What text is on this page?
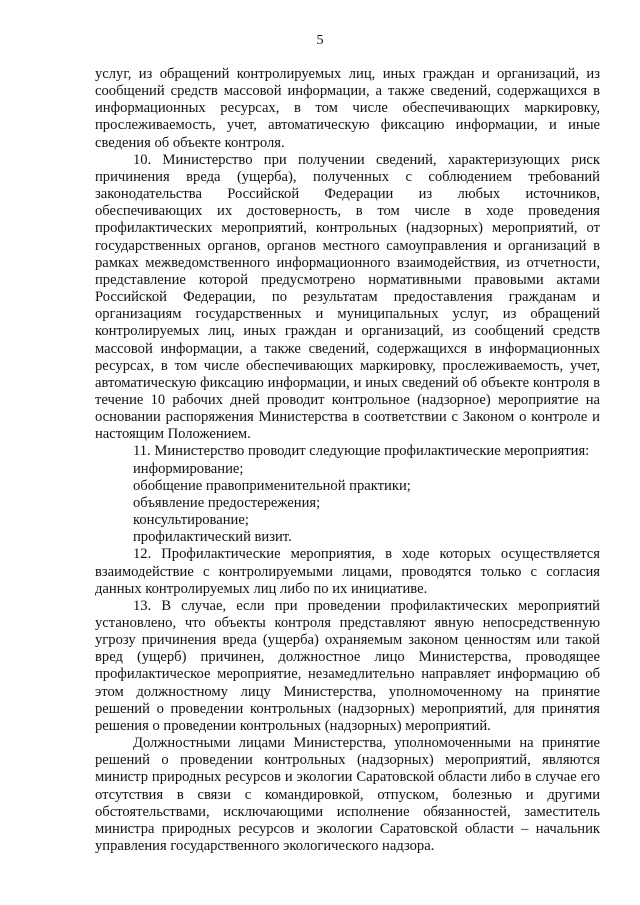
5

услуг, из обращений контролируемых лиц, иных граждан и организаций, из сообщений средств массовой информации, а также сведений, содержащихся в информационных ресурсах, в том числе обеспечивающих маркировку, прослеживаемость, учет, автоматическую фиксацию информации, и иные сведения об объекте контроля.

10. Министерство при получении сведений, характеризующих риск причинения вреда (ущерба), полученных с соблюдением требований законодательства Российской Федерации из любых источников, обеспечивающих их достоверность, в том числе в ходе проведения профилактических мероприятий, контрольных (надзорных) мероприятий, от государственных органов, органов местного самоуправления и организаций в рамках межведомственного информационного взаимодействия, из отчетности, представление которой предусмотрено нормативными правовыми актами Российской Федерации, по результатам предоставления гражданам и организациям государственных и муниципальных услуг, из обращений контролируемых лиц, иных граждан и организаций, из сообщений средств массовой информации, а также сведений, содержащихся в информационных ресурсах, в том числе обеспечивающих маркировку, прослеживаемость, учет, автоматическую фиксацию информации, и иных сведений об объекте контроля в течение 10 рабочих дней проводит контрольное (надзорное) мероприятие на основании распоряжения Министерства в соответствии с Законом о контроле и настоящим Положением.

11. Министерство проводит следующие профилактические мероприятия:

информирование;

обобщение правоприменительной практики;

объявление предостережения;

консультирование;

профилактический визит.

12. Профилактические мероприятия, в ходе которых осуществляется взаимодействие с контролируемыми лицами, проводятся только с согласия данных контролируемых лиц либо по их инициативе.

13. В случае, если при проведении профилактических мероприятий установлено, что объекты контроля представляют явную непосредственную угрозу причинения вреда (ущерба) охраняемым законом ценностям или такой вред (ущерб) причинен, должностное лицо Министерства, проводящее профилактическое мероприятие, незамедлительно направляет информацию об этом должностному лицу Министерства, уполномоченному на принятие решений о проведении контрольных (надзорных) мероприятий, для принятия решения о проведении контрольных (надзорных) мероприятий.

Должностными лицами Министерства, уполномоченными на принятие решений о проведении контрольных (надзорных) мероприятий, являются министр природных ресурсов и экологии Саратовской области либо в случае его отсутствия в связи с командировкой, отпуском, болезнью и другими обстоятельствами, исключающими исполнение обязанностей, заместитель министра природных ресурсов и экологии Саратовской области – начальник управления государственного экологического надзора.
